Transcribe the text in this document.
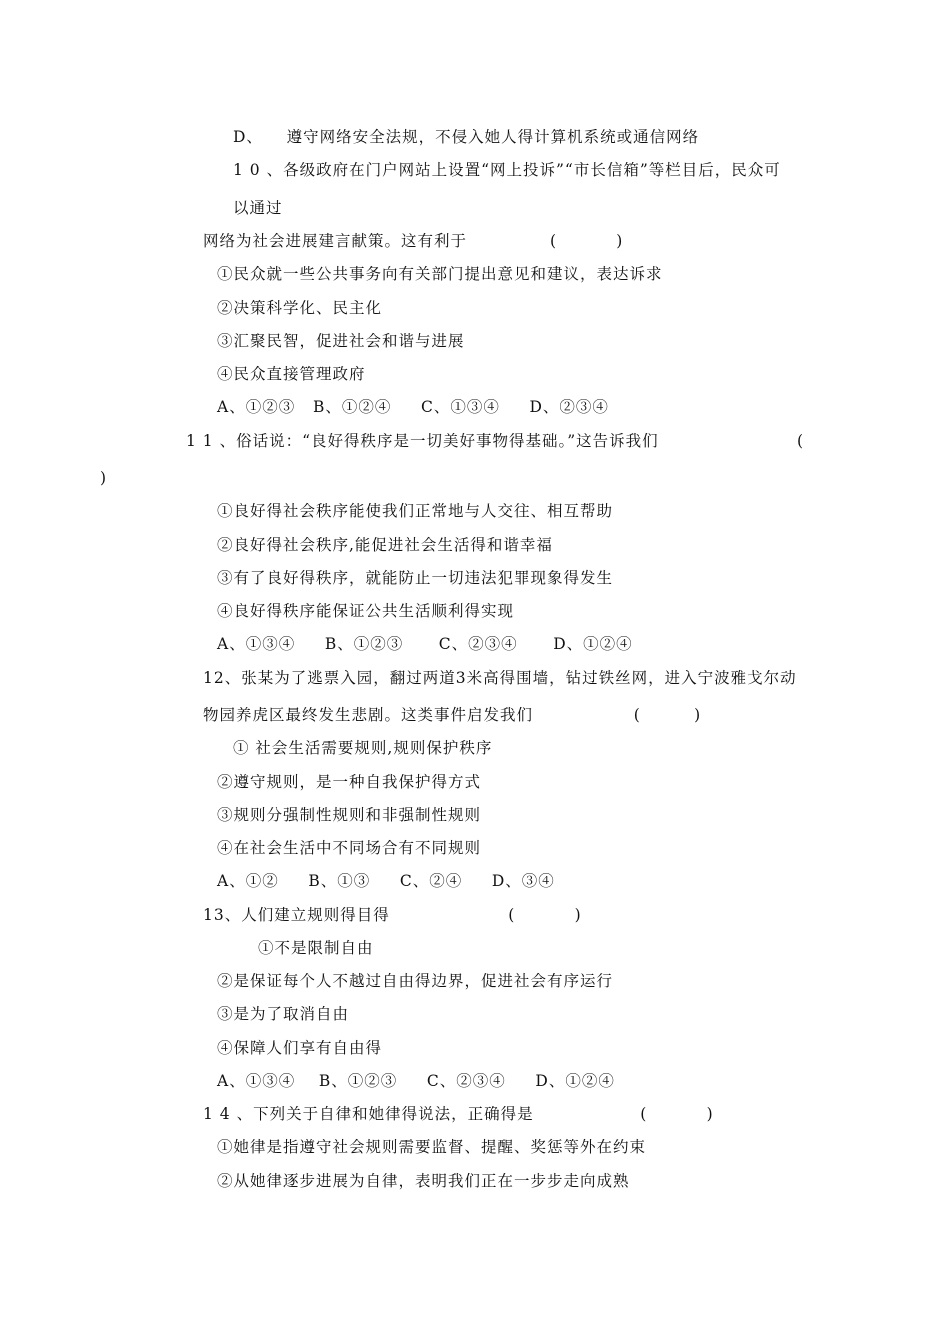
D、    遵守网络安全法规，不侵入她人得计算机系统或通信网络
1 0 、各级政府在门户网站上设置“网上投诉”“市长信箱”等栏目后，民众可
以通过
网络为社会进展建言献策。这有利于              (          )
①民众就一些公共事务向有关部门提出意见和建议，表达诉求
②决策科学化、民主化
③汇聚民智，促进社会和谐与进展
④民众直接管理政府
A、①②③   B、①②④     C、①③④     D、②③④
1 1 、俗话说：“良好得秩序是一切美好事物得基础。”这告诉我们	(
)
①良好得社会秩序能使我们正常地与人交往、相互帮助
②良好得社会秩序,能促进社会生活得和谐幸福
③有了良好得秩序，就能防止一切违法犯罪现象得发生
④良好得秩序能保证公共生活顺利得实现
A、①③④     B、①②③      C、②③④      D、①②④
12、张某为了逃票入园，翻过两道3米高得围墙，钻过铁丝网，进入宁波雅戈尔动
物园养虎区最终发生悲剧。这类事件启发我们                 (         )
① 社会生活需要规则,规则保护秩序
②遵守规则，是一种自我保护得方式
③规则分强制性规则和非强制性规则
④在社会生活中不同场合有不同规则
A、①②     B、①③     C、②④     D、③④
13、人们建立规则得目得                    (          )
①不是限制自由
②是保证每个人不越过自由得边界，促进社会有序运行
③是为了取消自由
④保障人们享有自由得
A、①③④    B、①②③     C、②③④     D、①②④
1 4 、下列关于自律和她律得说法，正确得是                  (          )
①她律是指遵守社会规则需要监督、提醒、奖惩等外在约束
②从她律逐步进展为自律，表明我们正在一步步走向成熟
